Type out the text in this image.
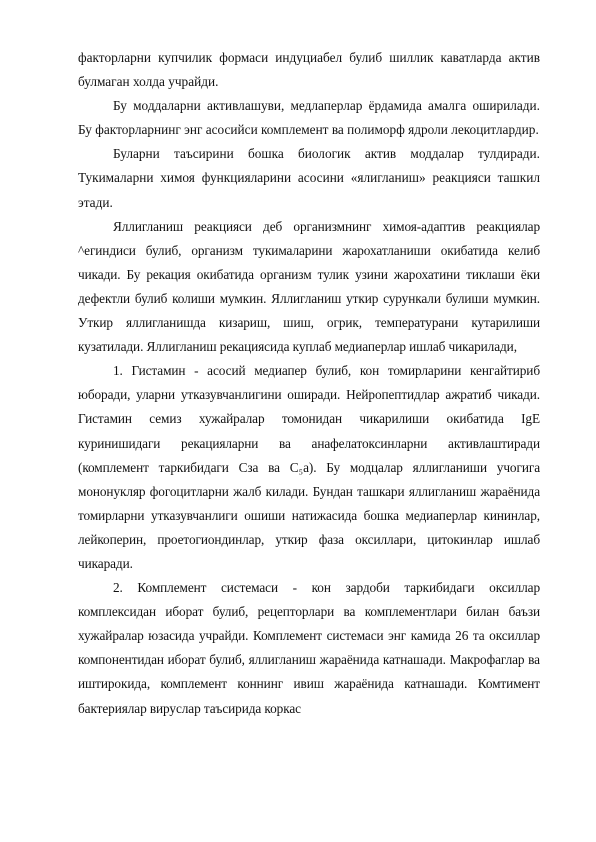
факторларни купчилик формаси индуциабел булиб шиллик каватларда актив булмаган холда учрайди.

Бу моддаларни активлашуви, медлаперлар ёрдамида амалга оширилади. Бу факторларнинг энг асосийси комплемент ва полиморф ядроли лекоцитлардир.

Буларни таъсирини бошка биологик актив моддалар тулдиради. Тукималарни химоя функцияларини асосини «ялигланиш» реакцияси ташкил этади.

Яллигланиш реакцияси деб организмнинг химоя-адаптив реакциялар ^егиндиси булиб, организм тукималарини жарохатланиши окибатида келиб чикади. Бу рекация окибатида организм тулик узини жарохатини тиклаши ёки дефектли булиб колиши мумкин. Яллигланиш уткир сурункали булиши мумкин. Уткир яллигланишда кизариш, шиш, огрик, температурани кутарилиши кузатилади. Яллигланиш рекациясида куплаб медиаперлар ишлаб чикарилади,

1. Гистамин - асосий медиапер булиб, кон томирларини кенгайтириб юборади, уларни утказувчанлигини оширади. Нейропептидлар ажратиб чикади. Гистамин семиз хужайралар томонидан чикарилиши окибатида IgE куринишидаги рекацияларни ва анафелатоксинларни активлаштиради (комплемент таркибидаги Сза ва С₅а). Бу модцалар яллигланиши учогига мононукляр фогоцитларни жалб килади. Бундан ташкари яллигланиш жараёнида томирларни утказувчанлиги ошиши натижасида бошка медиаперлар кининлар, лейкоперин, проетогиондинлар, уткир фаза оксиллари, цитокинлар ишлаб чикаради.

2. Комплемент системаси - кон зардоби таркибидаги оксиллар комплексидан иборат булиб, рецепторлари ва комплементлари билан баъзи хужайралар юзасида учрайди. Комплемент системаси энг камида 26 та оксиллар компонентидан иборат булиб, яллигланиш жараёнида катнашади. Макрофаглар ва иштирокида, комплемент коннинг ивиш жараёнида катнашади. Комтимент бактериялар вируслар таъсирида коркас
